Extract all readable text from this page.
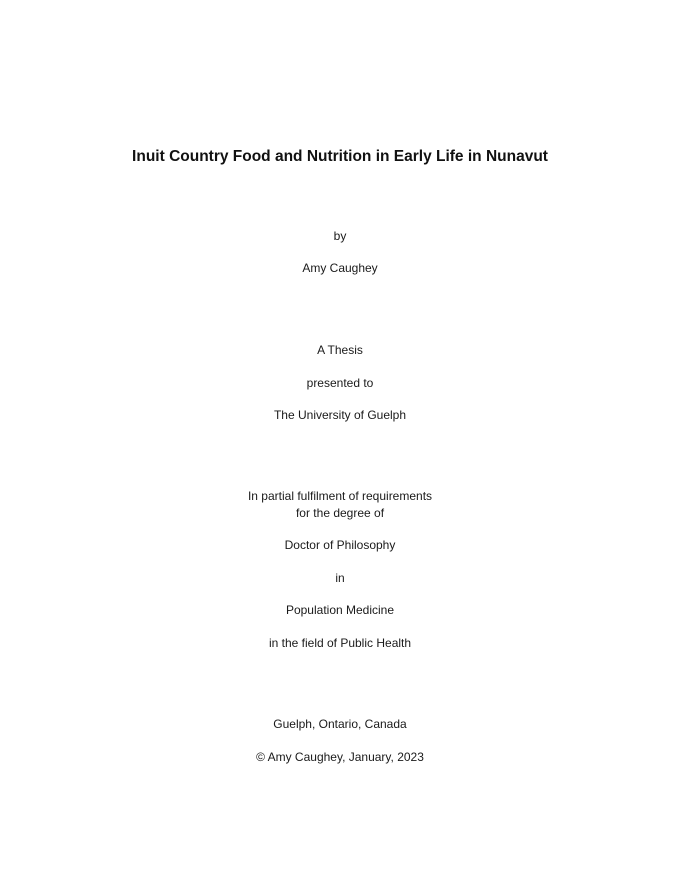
Inuit Country Food and Nutrition in Early Life in Nunavut
by
Amy Caughey
A Thesis
presented to
The University of Guelph
In partial fulfilment of requirements
for the degree of
Doctor of Philosophy
in
Population Medicine
in the field of Public Health
Guelph, Ontario, Canada
© Amy Caughey, January, 2023
